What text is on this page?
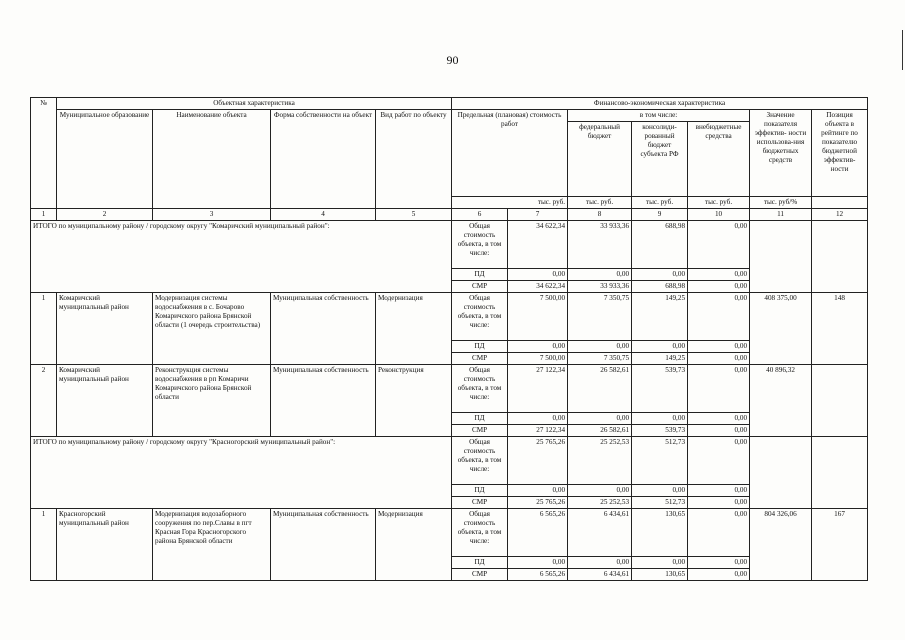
90
№	Объектная характеристика				Финансово-экономическая характеристика						
	Муниципальное образование	Наименование объекта	Форма собственности на объект	Вид работ по объекту	Предельная (плановая) стоимость работ		в том числе:			Значение показателя эффектив- ности использова-ния бюджетных средств	Позиция объекта в рейтинге по показателю бюджетной эффектив- ности
							федеральный бюджет	консолиди- рованный бюджет субъекта РФ	внебюджетные средства		
					тыс. руб.		тыс. руб.	тыс. руб.	тыс. руб.	тыс. руб/%	
1	2	3	4	5	6	7	8	9	10	11	12
ИТОГО по муниципальному району / городскому округу "Комаричский муниципальный район":					Общая стоимость объекта, в том числе:	34 622,34	33 933,36	688,98	0,00		
					ПД	0,00	0,00	0,00	0,00		
					СМР	34 622,34	33 933,36	688,98	0,00		
1	Комаричский муниципальный район	Модернизация системы водоснабжения в с. Бочарово Комаричского района Брянской области (1 очередь строительства)	Муниципальная собственность	Модернизация	Общая стоимость объекта, в том числе:	7 500,00	7 350,75	149,25	0,00	408 375,00	148
					ПД	0,00	0,00	0,00	0,00		
					СМР	7 500,00	7 350,75	149,25	0,00		
2	Комаричский муниципальный район	Реконструкция системы водоснабжения в рп Комаричи Комаричского района Брянской области	Муниципальная собственность	Реконструкция	Общая стоимость объекта, в том числе:	27 122,34	26 582,61	539,73	0,00	40 896,32	
					ПД	0,00	0,00	0,00	0,00		
					СМР	27 122,34	26 582,61	539,73	0,00		
ИТОГО по муниципальному району / городскому округу "Красногорский муниципальный район":					Общая стоимость объекта, в том числе:	25 765,26	25 252,53	512,73	0,00		
					ПД	0,00	0,00	0,00	0,00		
					СМР	25 765,26	25 252,53	512,73	0,00		
1	Красногорский муниципальный район	Модернизация водозаборного сооружения по пер.Славы в пгт Красная Гора Красногорского района Брянской области	Муниципальная собственность	Модернизация	Общая стоимость объекта, в том числе:	6 565,26	6 434,61	130,65	0,00	804 326,06	167
					ПД	0,00	0,00	0,00	0,00		
					СМР	6 565,26	6 434,61	130,65	0,00		
